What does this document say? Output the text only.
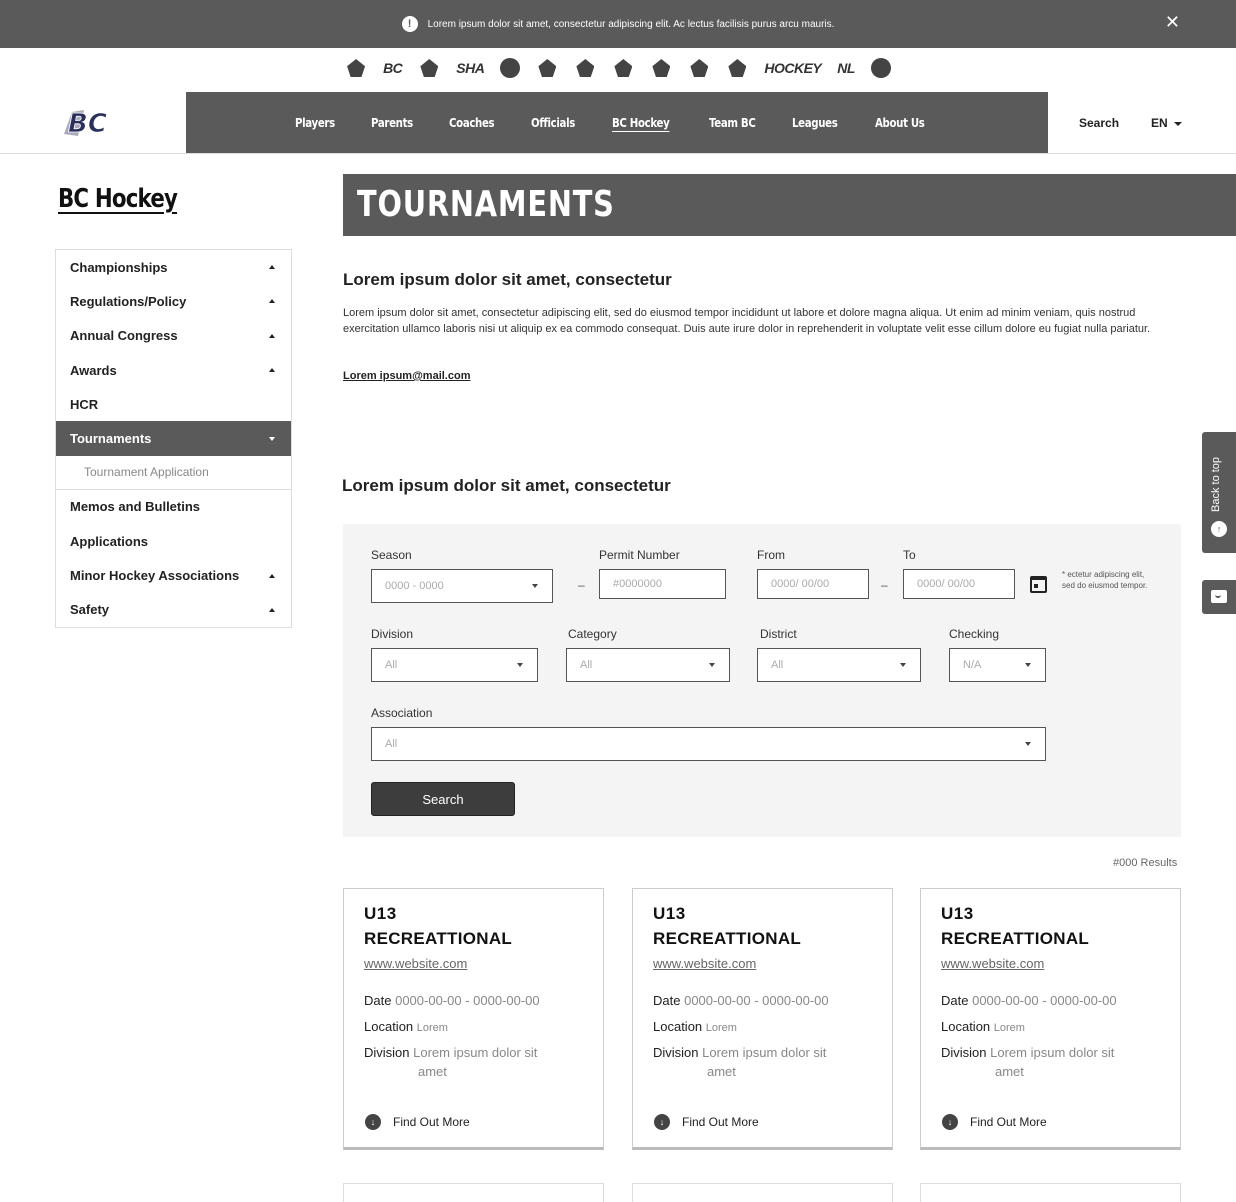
!	Lorem ipsum dolor sit amet, consectetur adipiscing elit. Ac lectus facilisis purus arcu mauris.	✕
BC	SHA	HOCKEY NL
BC	Players	Parents	Coaches	Officials	BC Hockey	Team BC	Leagues	About Us	Search	EN
BC Hockey
Championships
Regulations/Policy
Annual Congress
Awards
HCR
Tournaments
Tournament Application
Memos and Bulletins
Applications
Minor Hockey Associations
Safety
TOURNAMENTS
Lorem ipsum dolor sit amet, consectetur

Lorem ipsum dolor sit amet, consectetur adipiscing elit, sed do eiusmod tempor incididunt ut labore et dolore magna aliqua. Ut enim ad minim veniam, quis nostrud exercitation ullamco laboris nisi ut aliquip ex ea commodo consequat. Duis aute irure dolor in reprehenderit in voluptate velit esse cillum dolore eu fugiat nulla pariatur.

Lorem ipsum@mail.com
Lorem ipsum dolor sit amet, consectetur
Season
0000 - 0000	–
Permit Number
#0000000
From
0000/ 00/00	–
To
0000/ 00/00
* ectetur adipiscing elit, sed do eiusmod tempor.
Division
All
Category
All
District
All
Checking
N/A
Association
All
Search
#000 Results
U13
RECREATTIONAL
www.website.com
Date 0000-00-00 - 0000-00-00
Location Lorem
Division Lorem ipsum dolor sit
amet
↓	Find Out More
U13
RECREATTIONAL
www.website.com
Date 0000-00-00 - 0000-00-00
Location Lorem
Division Lorem ipsum dolor sit
amet
↓	Find Out More
U13
RECREATTIONAL
www.website.com
Date 0000-00-00 - 0000-00-00
Location Lorem
Division Lorem ipsum dolor sit
amet
↓	Find Out More
Back to top
↑
